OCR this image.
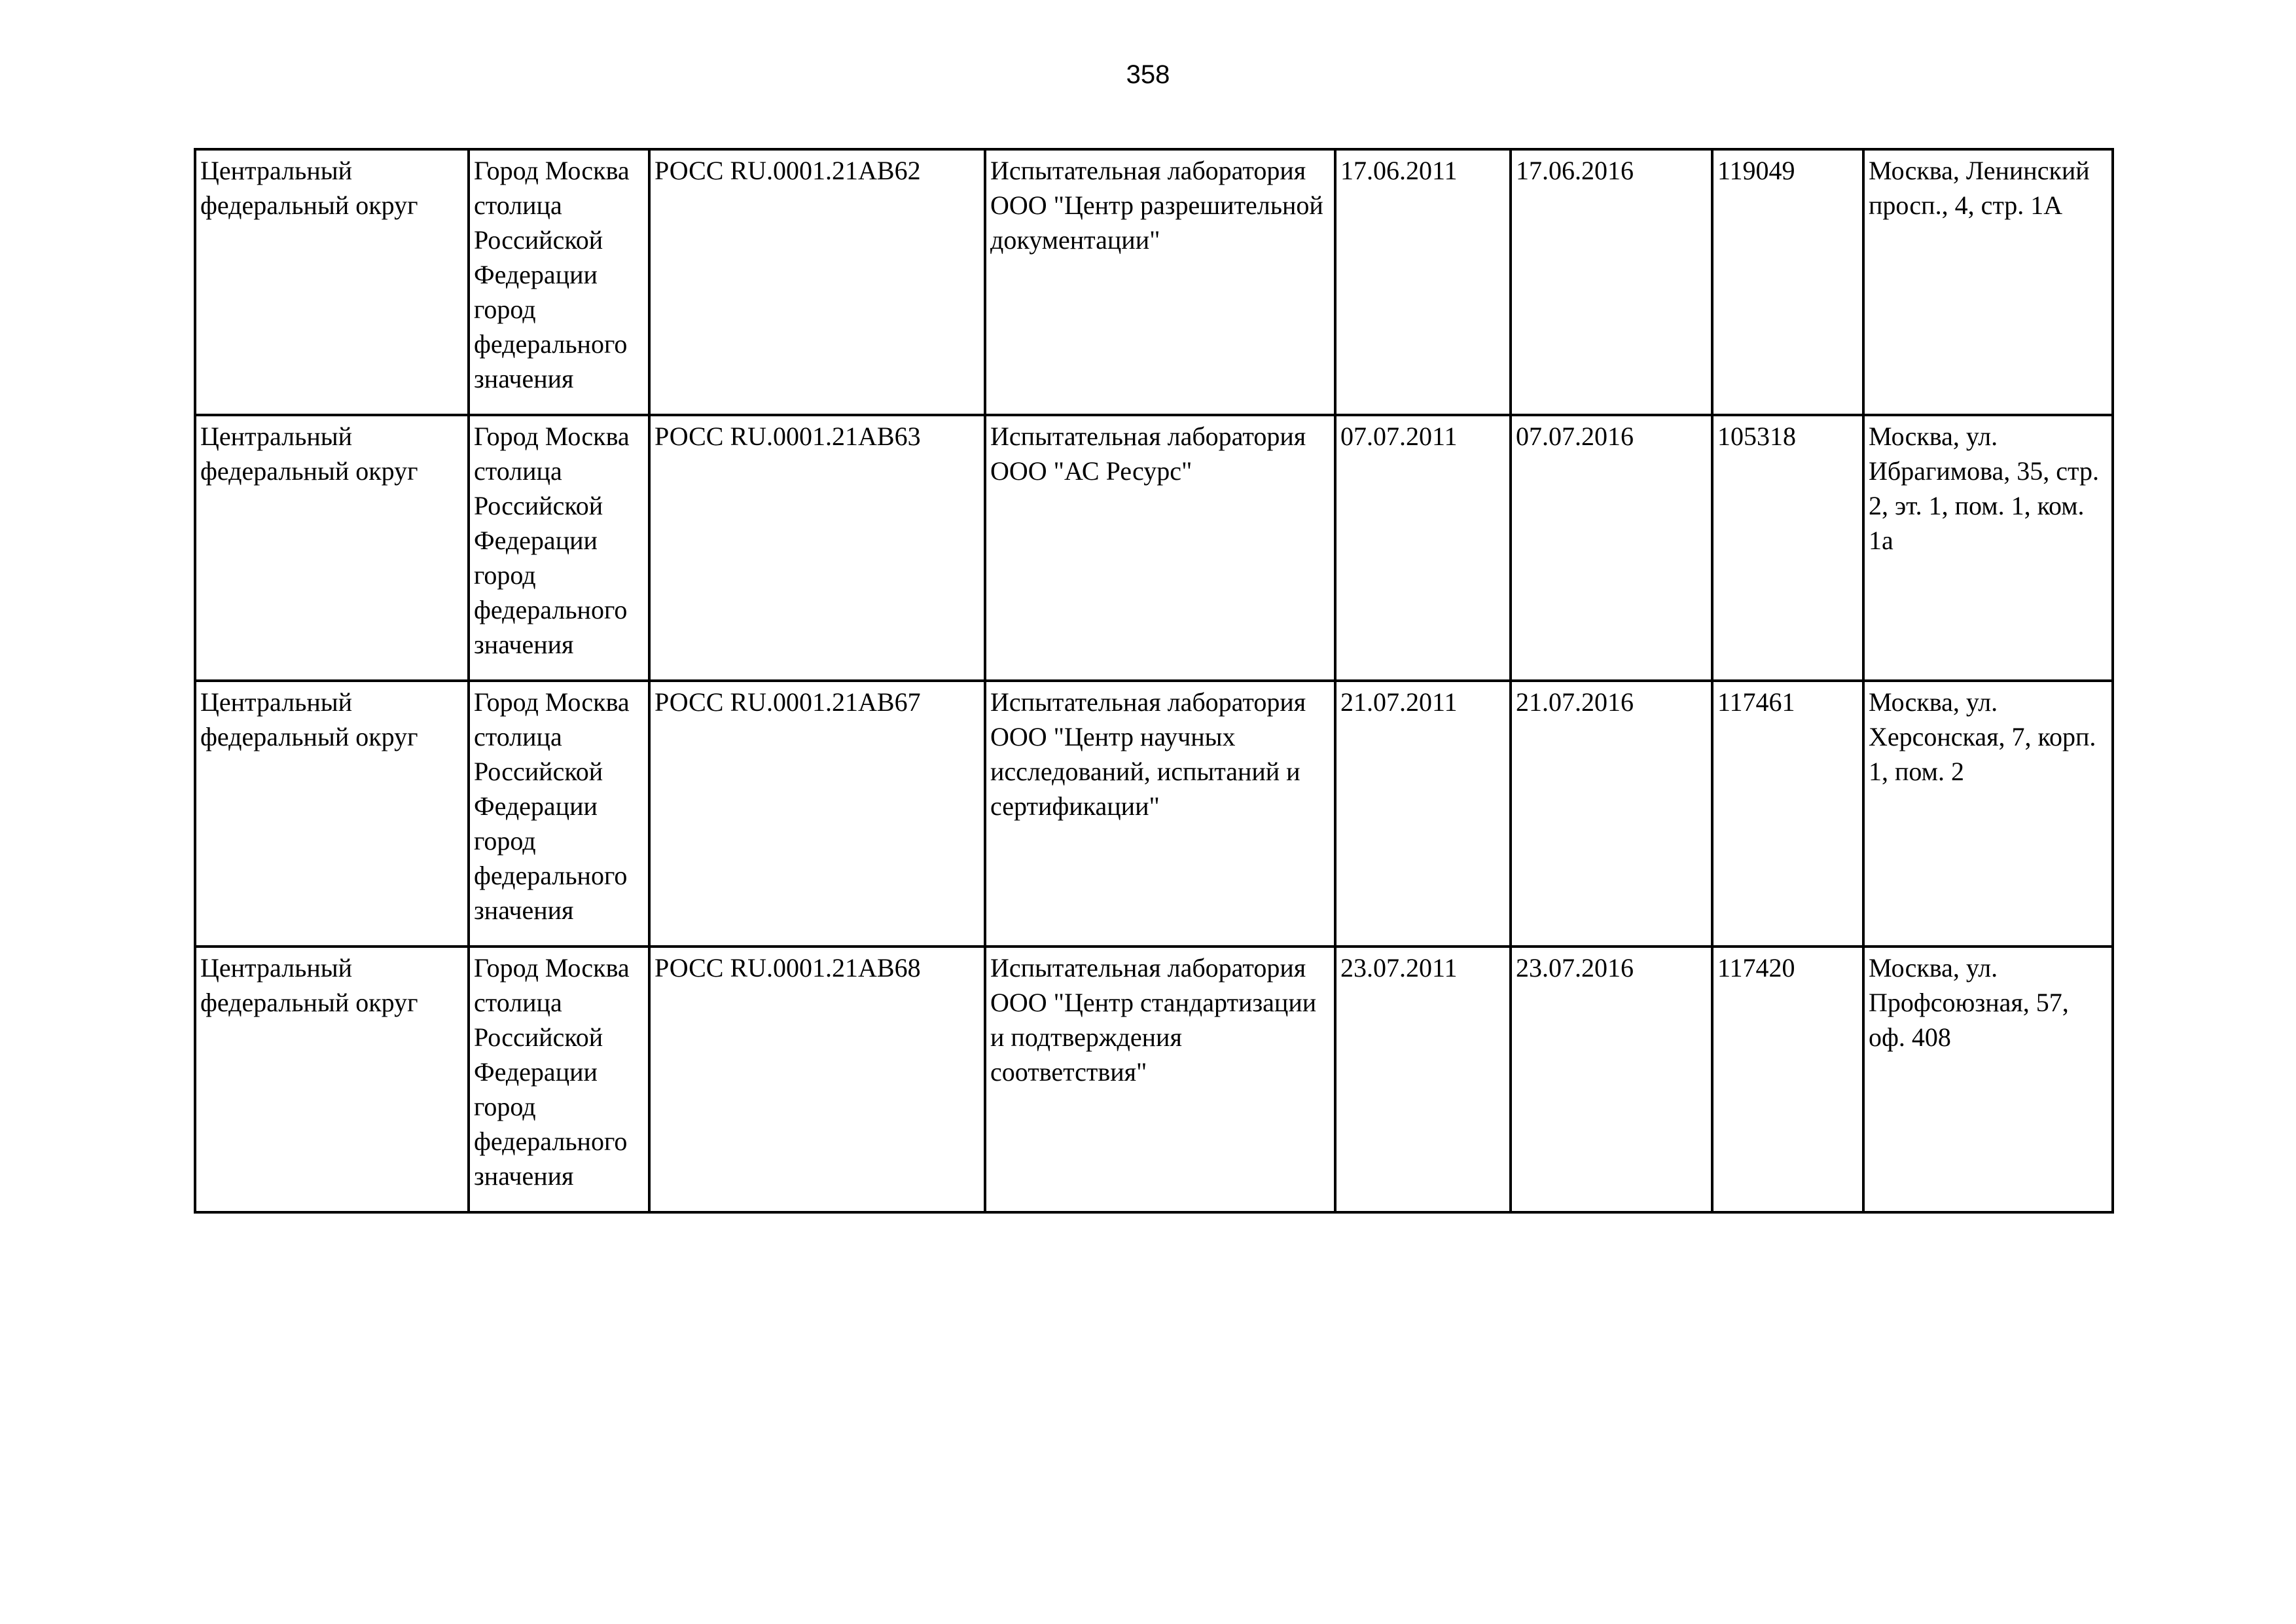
358
Центральный федеральный округ	Город Москва столица Российской Федерации город федерального значения	РОСС RU.0001.21АВ62	Испытательная лаборатория ООО "Центр разрешительной документации"	17.06.2011	17.06.2016	119049	Москва, Ленинский просп., 4, стр. 1А

Центральный федеральный округ	Город Москва столица Российской Федерации город федерального значения	РОСС RU.0001.21АВ63	Испытательная лаборатория ООО "АС Ресурс"	07.07.2011	07.07.2016	105318	Москва, ул. Ибрагимова, 35, стр. 2, эт. 1, пом. 1, ком. 1а

Центральный федеральный округ	Город Москва столица Российской Федерации город федерального значения	РОСС RU.0001.21АВ67	Испытательная лаборатория ООО "Центр научных исследований, испытаний и сертификации"	21.07.2011	21.07.2016	117461	Москва, ул. Херсонская, 7, корп. 1, пом. 2

Центральный федеральный округ	Город Москва столица Российской Федерации город федерального значения	РОСС RU.0001.21АВ68	Испытательная лаборатория ООО "Центр стандартизации и подтверждения соответствия"	23.07.2011	23.07.2016	117420	Москва, ул. Профсоюзная, 57, оф. 408
